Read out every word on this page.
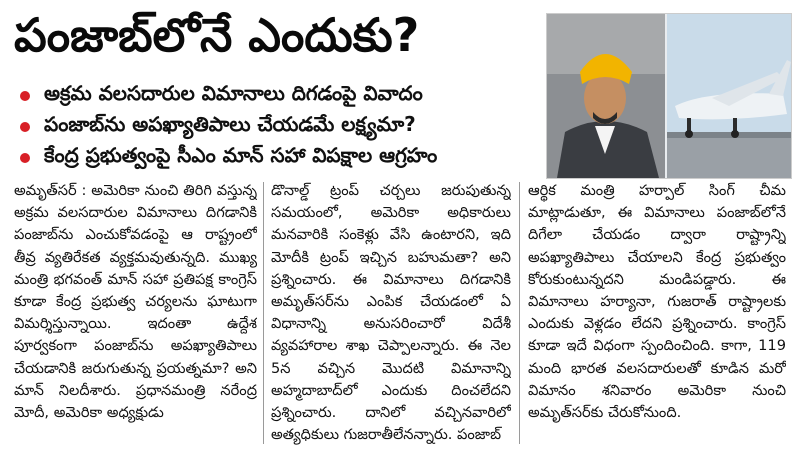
పంజాబ్‌లోనే ఎందుకు?
అక్రమ వలసదారుల విమానాలు దిగడంపై వివాదం
పంజాబ్‌ను అపఖ్యాతిపాలు చేయడమే లక్ష్యమా?
కేంద్ర ప్రభుత్వంపై సీఎం మాన్ సహా విపక్షాల ఆగ్రహం
అమృత్‌సర్ : అమెరికా నుంచి తిరిగి వస్తున్న అక్రమ వలసదారుల విమానాలు దిగడానికి పంజాబ్‌ను ఎంచుకోవడంపై ఆ రాష్ట్రంలో తీవ్ర వ్యతిరేకత వ్యక్తమవుతున్నది. ముఖ్య మంత్రి భగవంత్ మాన్ సహా ప్రతిపక్ష కాంగ్రెస్ కూడా కేంద్ర ప్రభుత్వ చర్యలను ఘాటుగా విమర్శిస్తున్నాయి. ఇదంతా ఉద్దేశ పూర్వకంగా పంజాబ్‌ను అపఖ్యాతిపాలు చేయడానికి జరుగుతున్న ప్రయత్నమా? అని మాన్ నిలదీశారు. ప్రధానమంత్రి నరేంద్ర మోదీ, అమెరికా అధ్యక్షుడు
డొనాల్డ్ ట్రంప్ చర్చలు జరుపుతున్న సమయంలో, అమెరికా అధికారులు మనవారికి సంకెళ్లు వేసి ఉంటారని, ఇది మోదీకి ట్రంప్ ఇచ్చిన బహుమతా? అని ప్రశ్నించారు. ఈ విమానాలు దిగడానికి అమృత్‌సర్‌ను ఎంపిక చేయడంలో ఏ విధానాన్ని అనుసరించారో విదేశీ వ్యవహారాల శాఖ చెప్పాలన్నారు. ఈ నెల 5న వచ్చిన మొదటి విమానాన్ని అహ్మదాబాద్‌లో ఎందుకు దించలేదని ప్రశ్నించారు. దానిలో వచ్చినవారిలో అత్యధికులు గుజరాతీలేనన్నారు. పంజాబ్
ఆర్థిక మంత్రి హర్పాల్ సింగ్ చీమ మాట్లాడుతూ, ఈ విమానాలు పంజాబ్‌లోనే దిగేలా చేయడం ద్వారా రాష్ట్రాన్ని అపఖ్యాతిపాలు చేయాలని కేంద్ర ప్రభుత్వం కోరుకుంటున్నదని మండిపడ్డారు. ఈ విమానాలు హర్యానా, గుజరాత్ రాష్ట్రాలకు ఎందుకు వెళ్లడం లేదని ప్రశ్నించారు. కాంగ్రెస్ కూడా ఇదే విధంగా స్పందించింది. కాగా, 119 మంది భారత వలసదారులతో కూడిన మరో విమానం శనివారం అమెరికా నుంచి అమృత్‌సర్‌కు చేరుకోనుంది.
